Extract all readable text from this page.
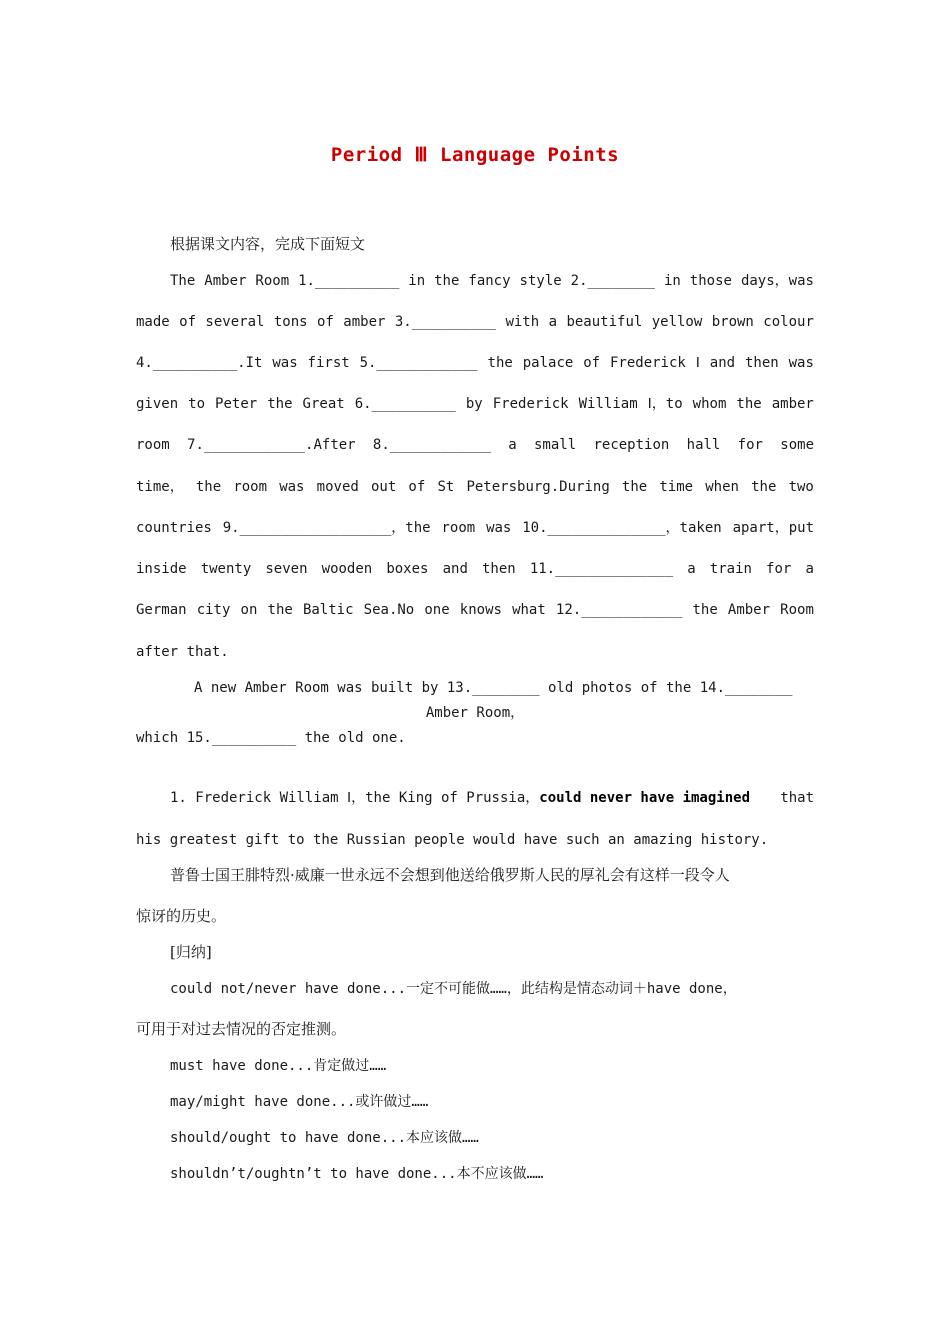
Period Ⅲ Language Points

根据课文内容，完成下面短文

The Amber Room 1.__________ in the fancy style 2.________ in those days，was

made of several tons of amber 3.__________ with a beautiful yellow brown colour

4.__________.It was first 5.____________ the palace of Frederick Ⅰ and then was

given to Peter the Great 6.__________ by Frederick William Ⅰ，to whom the amber

room 7.____________.After 8.____________ a small reception hall for some

time， the room was moved out of St Petersburg.During the time when the two

countries 9.__________________，the room was 10.______________，taken apart，put

inside twenty seven wooden boxes and then 11.______________ a train for a

German city on the Baltic Sea.No one knows what 12.____________ the Amber Room

after that.

A new Amber Room was built by 13.________ old photos of the 14.________

Amber Room，

which 15.__________ the old one.

1. Frederick William Ⅰ，the King of Prussia，could never have imagined that

his greatest gift to the Russian people would have such an amazing history.

普鲁士国王腓特烈·威廉一世永远不会想到他送给俄罗斯人民的厚礼会有这样一段令人

惊讶的历史。

[归纳]

could not/never have done...一定不可能做……，此结构是情态动词＋have done，

可用于对过去情况的否定推测。

must have done...肯定做过……

may/might have done...或许做过……

should/ought to have done...本应该做……

shouldn’t/oughtn’t to have done...本不应该做……
